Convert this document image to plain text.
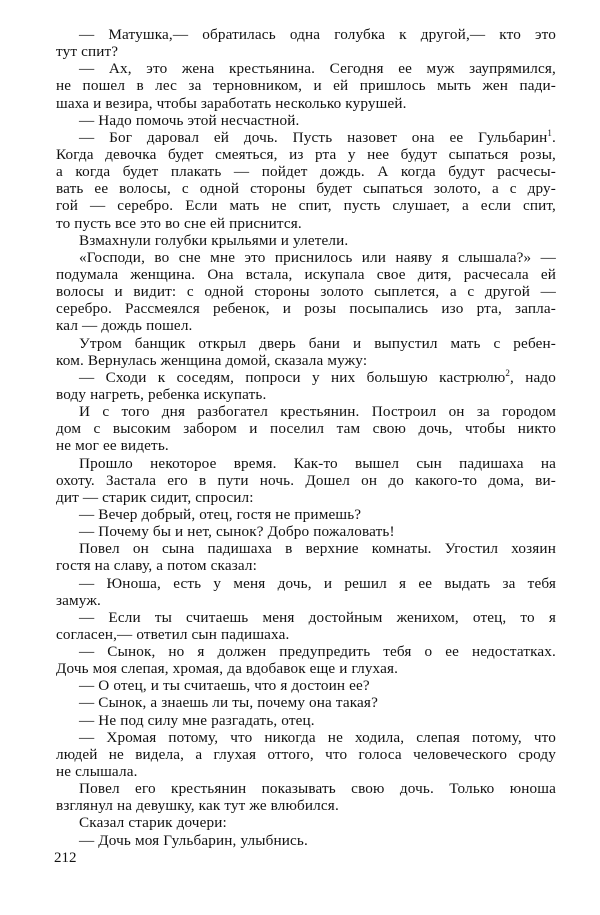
— Матушка,— обратилась одна голубка к другой,— кто это
тут спит?
— Ах, это жена крестьянина. Сегодня ее муж заупрямился,
не пошел в лес за терновником, и ей пришлось мыть жен пади-
шаха и везира, чтобы заработать несколько курушей.
— Надо помочь этой несчастной.
— Бог даровал ей дочь. Пусть назовет она ее Гульбарин$^1$.
Когда девочка будет смеяться, из рта у нее будут сыпаться розы,
а когда будет плакать — пойдет дождь. А когда будут расчесы-
вать ее волосы, с одной стороны будет сыпаться золото, а с дру-
гой — серебро. Если мать не спит, пусть слушает, а если спит,
то пусть все это во сне ей приснится.
Взмахнули голубки крыльями и улетели.
«Господи, во сне мне это приснилось или наяву я слышала?» —
подумала женщина. Она встала, искупала свое дитя, расчесала ей
волосы и видит: с одной стороны золото сыплется, а с другой —
серебро. Рассмеялся ребенок, и розы посыпались изо рта, запла-
кал — дождь пошел.
Утром банщик открыл дверь бани и выпустил мать с ребен-
ком. Вернулась женщина домой, сказала мужу:
— Сходи к соседям, попроси у них большую кастрюлю$^2$, надо
воду нагреть, ребенка искупать.
И с того дня разбогател крестьянин. Построил он за городом
дом с высоким забором и поселил там свою дочь, чтобы никто
не мог ее видеть.
Прошло некоторое время. Как-то вышел сын падишаха на
охоту. Застала его в пути ночь. Дошел он до какого-то дома, ви-
дит — старик сидит, спросил:
— Вечер добрый, отец, гостя не примешь?
— Почему бы и нет, сынок? Добро пожаловать!
Повел он сына падишаха в верхние комнаты. Угостил хозяин
гостя на славу, а потом сказал:
— Юноша, есть у меня дочь, и решил я ее выдать за тебя
замуж.
— Если ты считаешь меня достойным женихом, отец, то я
согласен,— ответил сын падишаха.
— Сынок, но я должен предупредить тебя о ее недостатках.
Дочь моя слепая, хромая, да вдобавок еще и глухая.
— О отец, и ты считаешь, что я достоин ее?
— Сынок, а знаешь ли ты, почему она такая?
— Не под силу мне разгадать, отец.
— Хромая потому, что никогда не ходила, слепая потому, что
людей не видела, а глухая оттого, что голоса человеческого сроду
не слышала.
Повел его крестьянин показывать свою дочь. Только юноша
взглянул на девушку, как тут же влюбился.
Сказал старик дочери:
— Дочь моя Гульбарин, улыбнись.
212
